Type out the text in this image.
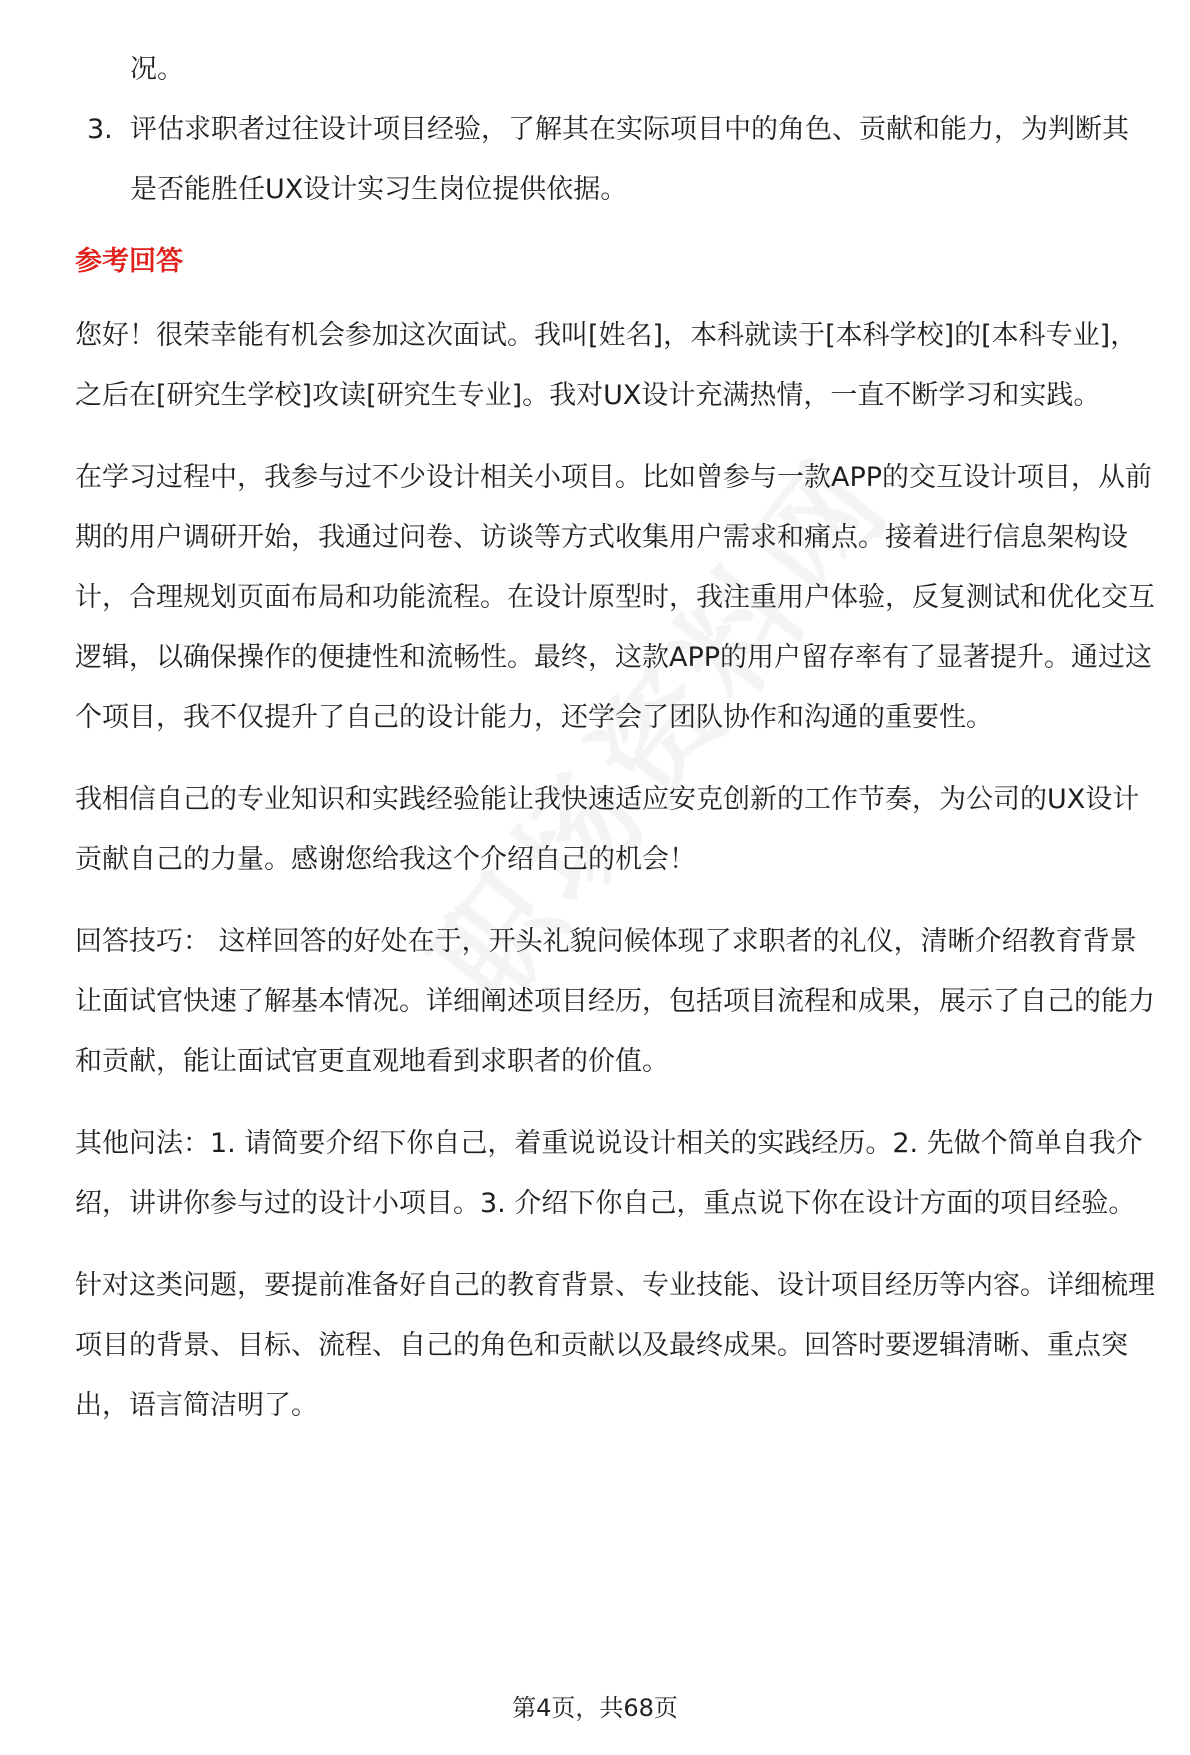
况。
3. 评估求职者过往设计项目经验，了解其在实际项目中的角色、贡献和能力，为判断其是否能胜任UX设计实习生岗位提供依据。
参考回答

您好！很荣幸能有机会参加这次面试。我叫[姓名]，本科就读于[本科学校]的[本科专业]，之后在[研究生学校]攻读[研究生专业]。我对UX设计充满热情，一直不断学习和实践。

在学习过程中，我参与过不少设计相关小项目。比如曾参与一款APP的交互设计项目，从前期的用户调研开始，我通过问卷、访谈等方式收集用户需求和痛点。接着进行信息架构设计，合理规划页面布局和功能流程。在设计原型时，我注重用户体验，反复测试和优化交互逻辑，以确保操作的便捷性和流畅性。最终，这款APP的用户留存率有了显著提升。通过这个项目，我不仅提升了自己的设计能力，还学会了团队协作和沟通的重要性。

我相信自己的专业知识和实践经验能让我快速适应安克创新的工作节奏，为公司的UX设计贡献自己的力量。感谢您给我这个介绍自己的机会！

回答技巧： 这样回答的好处在于，开头礼貌问候体现了求职者的礼仪，清晰介绍教育背景让面试官快速了解基本情况。详细阐述项目经历，包括项目流程和成果，展示了自己的能力和贡献，能让面试官更直观地看到求职者的价值。

其他问法：1. 请简要介绍下你自己，着重说说设计相关的实践经历。2. 先做个简单自我介绍，讲讲你参与过的设计小项目。3. 介绍下你自己，重点说下你在设计方面的项目经验。

针对这类问题，要提前准备好自己的教育背景、专业技能、设计项目经历等内容。详细梳理项目的背景、目标、流程、自己的角色和贡献以及最终成果。回答时要逻辑清晰、重点突出，语言简洁明了。

第4页，共68页
